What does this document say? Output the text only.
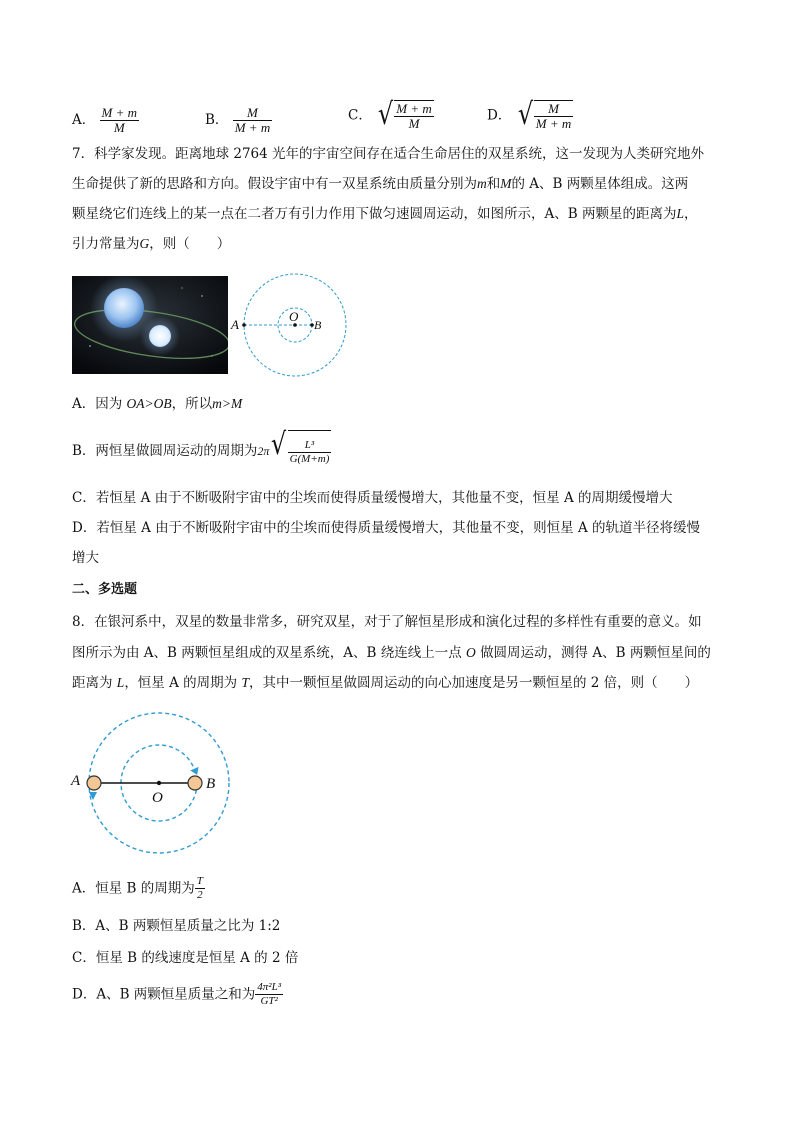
A． $\frac{M + m}{M}$	B． $\frac{M}{M + m}$	C． √ $\frac{M + m}{M}$	D． √ $\frac{M}{M + m}$
7．科学家发现。距离地球 2764 光年的宇宙空间存在适合生命居住的双星系统，这一发现为人类研究地外
生命提供了新的思路和方向。假设宇宙中有一双星系统由质量分别为m和M的 A、B 两颗星体组成。这两
颗星绕它们连线上的某一点在二者万有引力作用下做匀速圆周运动，如图所示，A、B 两颗星的距离为L，
引力常量为G，则（　　）
A
O
B
A．因为 OA>OB，所以m>M
B．两恒星做圆周运动的周期为2π √ $\frac{\text{L³}}{G(M+m)}$
C．若恒星 A 由于不断吸附宇宙中的尘埃而使得质量缓慢增大，其他量不变，恒星 A 的周期缓慢增大
D．若恒星 A 由于不断吸附宇宙中的尘埃而使得质量缓慢增大，其他量不变，则恒星 A 的轨道半径将缓慢
增大
二、多选题
8．在银河系中，双星的数量非常多，研究双星，对于了解恒星形成和演化过程的多样性有重要的意义。如
图所示为由 A、B 两颗恒星组成的双星系统，A、B 绕连线上一点 O 做圆周运动，测得 A、B 两颗恒星间的
距离为 L，恒星 A 的周期为 T，其中一颗恒星做圆周运动的向心加速度是另一颗恒星的 2 倍，则（　　）
A
O
B
A．恒星 B 的周期为 $\frac{T}{2}$
B．A、B 两颗恒星质量之比为 1:2
C．恒星 B 的线速度是恒星 A 的 2 倍
D．A、B 两颗恒星质量之和为 $\frac{\text{4π²L³}}{\text{GT²}}$
